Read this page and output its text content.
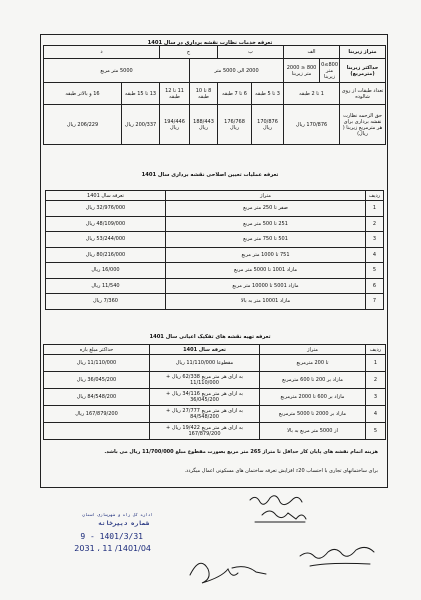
تعرفه خدمات نظارت نقشه برداری در سال 1401
متراژ زیربنا	الف		ب		ج		د	
حداکثر زیربنا (مترمربع)	800≥0 متر زیربنا	800 ≤ 2000 متر زیربنا	2000 الی 5000 متر			5000 متر مربع		
تعداد طبقات از روی شالوده	1 تا 2 طبقه		3 تا 5 طبقه	6 تا 7 طبقه	8 تا 10 طبقه	11 تا 12 طبقه	13 تا 15 طبقه	16 و بالاتر طبقه
حق الزحمه نظارت نقشه برداری برای هر مترمربع زیربنا ( ریال)	170/876 ریال		170/876 ریال	176/768 ریال	188/443 ریال	194/446 ریال	200/337 ریال	206/229 ریال
تعرفه عملیات تعیین اصلاحی نقشه برداری سال 1401
ردیف	متراژ	تعرفه سال 1401
1	صفر تا 250 متر مربع	32/976/000 ریال
2	251 تا 500 متر مربع	48/109/000 ریال
3	501 تا 750 متر مربع	53/244/000 ریال
4	751 تا 1000 متر مربع	80/216/000 ریال
5	مازاد 1001 تا 5000 متر مربع	16/000 ریال
6	مازاد 5001 تا 10000 متر مربع	11/540 ریال
7	مازاد 10001 متر به بالا	7/360 ریال
تعرفه تهیه نقشه های تفکیک اعیانی سال 1401
ردیف	متراژ	تعرفه سال 1401	حداکثر مبلغ بازه
1	تا 200 مترمربع	مقطوعا 11/110/000 ریال	11/110/000 ریال
2	مازاد بر 200 تا 600 مترمربع	به ازای هر متر مربع 62/338 ریال + 11/110/000	36/045/200 ریال
3	مازاد بر 600 تا 2000 مترمربع	به ازای هر متر مربع 34/116 ریال + 36/045/200	84/548/200 ریال
4	مازاد بر 2000 تا 5000 مترمربع	به ازای هر متر مربع 27/777 ریال + 84/548/200	167/879/200 ریال
5	از 5000 متر مربع به بالا	به ازای هر متر مربع 19/422 ریال + 167/879/200	
هزینه اتمام نقشه های پایان کار حداقل تا متراژ 265 متر مربع بصورت مقطوع مبلغ 11/700/000 ریال می باشد.
برای ساختمانهای تجاری با احتساب 20٪ افزایش تعرفه ساختمان های مسکونی اعمال میگردد.
اداره کل راه و شهرسازی استان
شماره دبیرخانه
1401/3/31 - 9
1401/04/ 11 ، 2031
